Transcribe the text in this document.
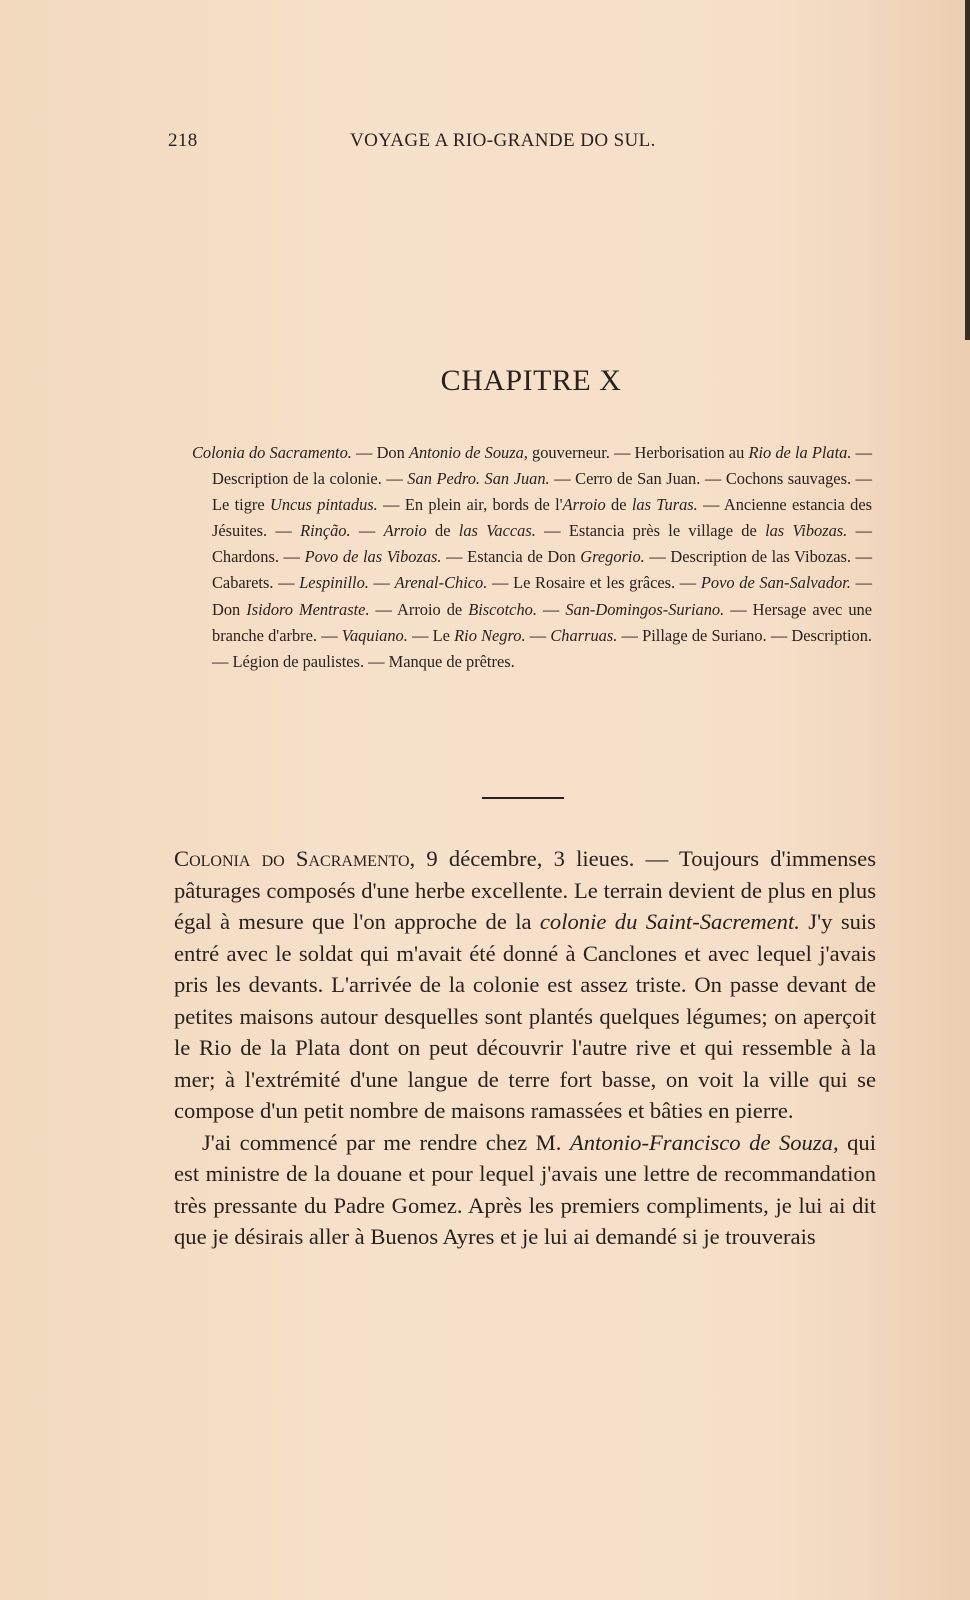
218	VOYAGE A RIO-GRANDE DO SUL.
CHAPITRE X
Colonia do Sacramento. — Don Antonio de Souza, gouverneur. — Herborisation au Rio de la Plata. — Description de la colonie. — San Pedro. San Juan. — Cerro de San Juan. — Cochons sauvages. — Le tigre Uncus pintadus. — En plein air, bords de l'Arroio de las Turas. — Ancienne estancia des Jésuites. — Rinção. — Arroio de las Vaccas. — Estancia près le village de las Vibozas. — Chardons. — Povo de las Vibozas. — Estancia de Don Gregorio. — Description de las Vibozas. — Cabarets. — Lespinillo. — Arenal-Chico. — Le Rosaire et les grâces. — Povo de San-Salvador. — Don Isidoro Mentraste. — Arroio de Biscotcho. — San-Domingos-Suriano. — Hersage avec une branche d'arbre. — Vaquiano. — Le Rio Negro. — Charruas. — Pillage de Suriano. — Description. — Légion de paulistes. — Manque de prêtres.

Colonia do Sacramento, 9 décembre, 3 lieues. — Toujours d'immenses pâturages composés d'une herbe excellente. Le terrain devient de plus en plus égal à mesure que l'on approche de la colonie du Saint-Sacrement. J'y suis entré avec le soldat qui m'avait été donné à Canclones et avec lequel j'avais pris les devants. L'arrivée de la colonie est assez triste. On passe devant de petites maisons autour desquelles sont plantés quelques légumes; on aperçoit le Rio de la Plata dont on peut découvrir l'autre rive et qui ressemble à la mer; à l'extrémité d'une langue de terre fort basse, on voit la ville qui se compose d'un petit nombre de maisons ramassées et bâties en pierre.

J'ai commencé par me rendre chez M. Antonio-Francisco de Souza, qui est ministre de la douane et pour lequel j'avais une lettre de recommandation très pressante du Padre Gomez. Après les premiers compliments, je lui ai dit que je désirais aller à Buenos Ayres et je lui ai demandé si je trouverais
